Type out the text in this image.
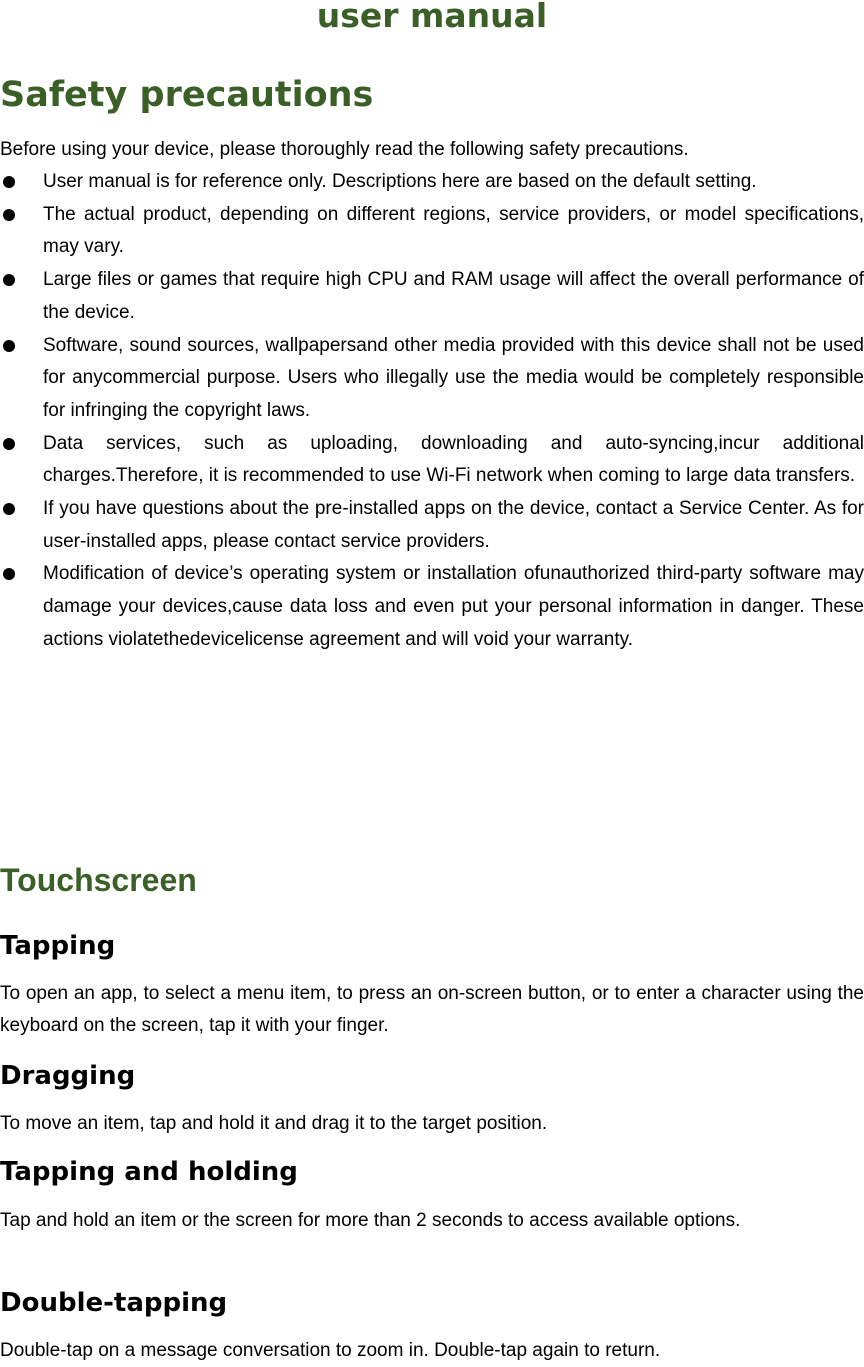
user manual
Safety precautions

Before using your device, please thoroughly read the following safety precautions.

User manual is for reference only. Descriptions here are based on the default setting.
The actual product, depending on different regions, service providers, or model specifications, may vary.
Large files or games that require high CPU and RAM usage will affect the overall performance of the device.
Software, sound sources, wallpapersand other media provided with this device shall not be used for anycommercial purpose. Users who illegally use the media would be completely responsible for infringing the copyright laws.
Data services, such as uploading, downloading and auto-syncing,incur additional charges.Therefore, it is recommended to use Wi-Fi network when coming to large data transfers.
If you have questions about the pre-installed apps on the device, contact a Service Center. As for user-installed apps, please contact service providers.
Modification of device’s operating system or installation ofunauthorized third-party software may damage your devices,cause data loss and even put your personal information in danger. These actions violatethedevicelicense agreement and will void your warranty.
Touchscreen
Tapping

To open an app, to select a menu item, to press an on-screen button, or to enter a character using the keyboard on the screen, tap it with your finger.

Dragging

To move an item, tap and hold it and drag it to the target position.

Tapping and holding

Tap and hold an item or the screen for more than 2 seconds to access available options.

Double-tapping

Double-tap on a message conversation to zoom in. Double-tap again to return.
